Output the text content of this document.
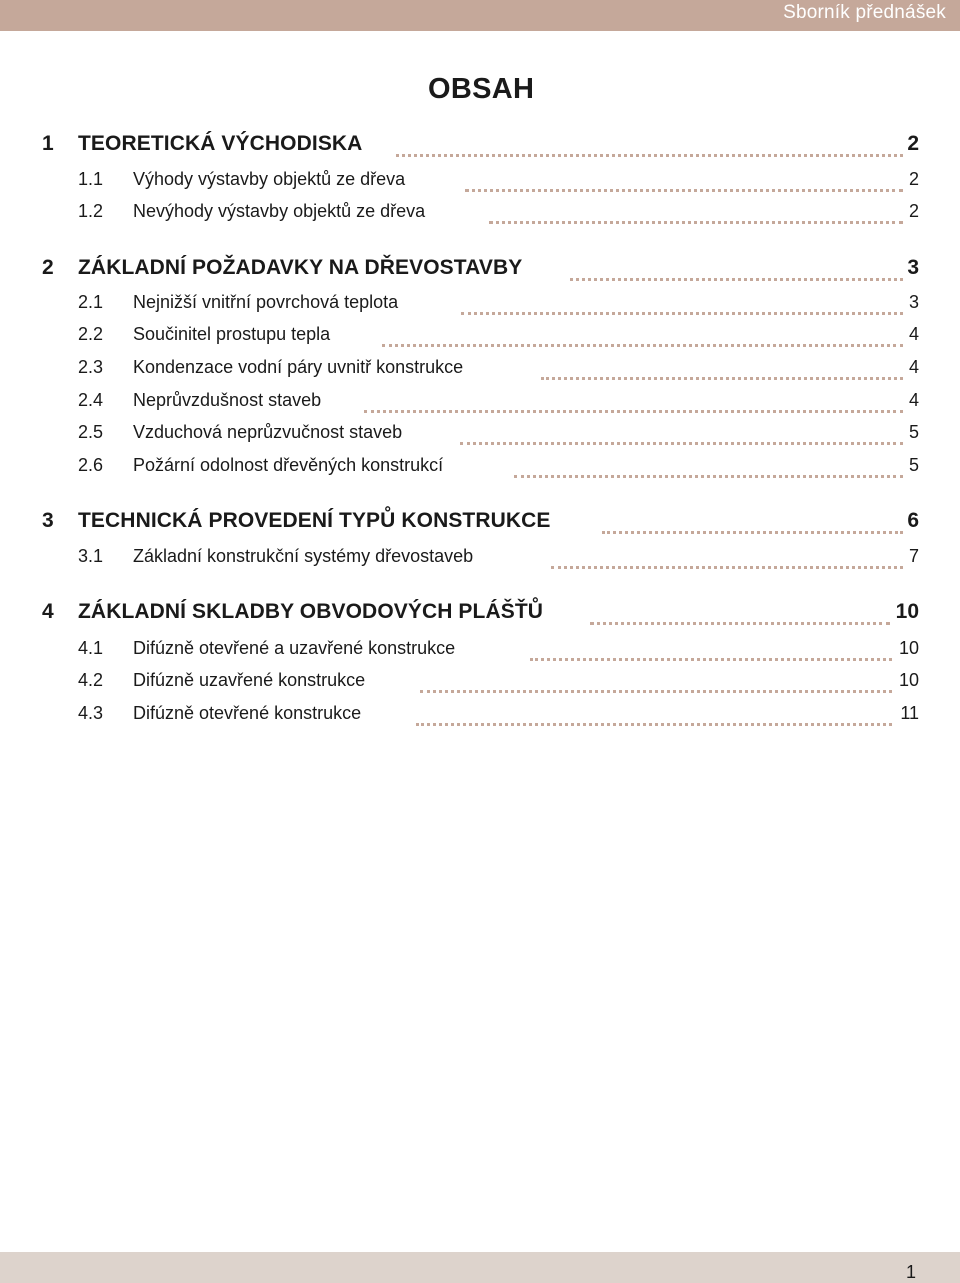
Sborník přednášek
OBSAH
1 TEORETICKÁ VÝCHODISKA	2
1.1 Výhody výstavby objektů ze dřeva	2
1.2 Nevýhody výstavby objektů ze dřeva	2
2 ZÁKLADNÍ POŽADAVKY NA DŘEVOSTAVBY	3
2.1 Nejnižší vnitřní povrchová teplota	3
2.2 Součinitel prostupu tepla	4
2.3 Kondenzace vodní páry uvnitř konstrukce	4
2.4 Neprůvzdušnost staveb	4
2.5 Vzduchová neprůzvučnost staveb	5
2.6 Požární odolnost dřevěných konstrukcí	5
3 TECHNICKÁ PROVEDENÍ TYPŮ KONSTRUKCE	6
3.1 Základní konstrukční systémy dřevostaveb	7
4 ZÁKLADNÍ SKLADBY OBVODOVÝCH PLÁŠŤŮ	10
4.1 Difúzně otevřené a uzavřené konstrukce	10
4.2 Difúzně uzavřené konstrukce	10
4.3 Difúzně otevřené konstrukce	11
1
